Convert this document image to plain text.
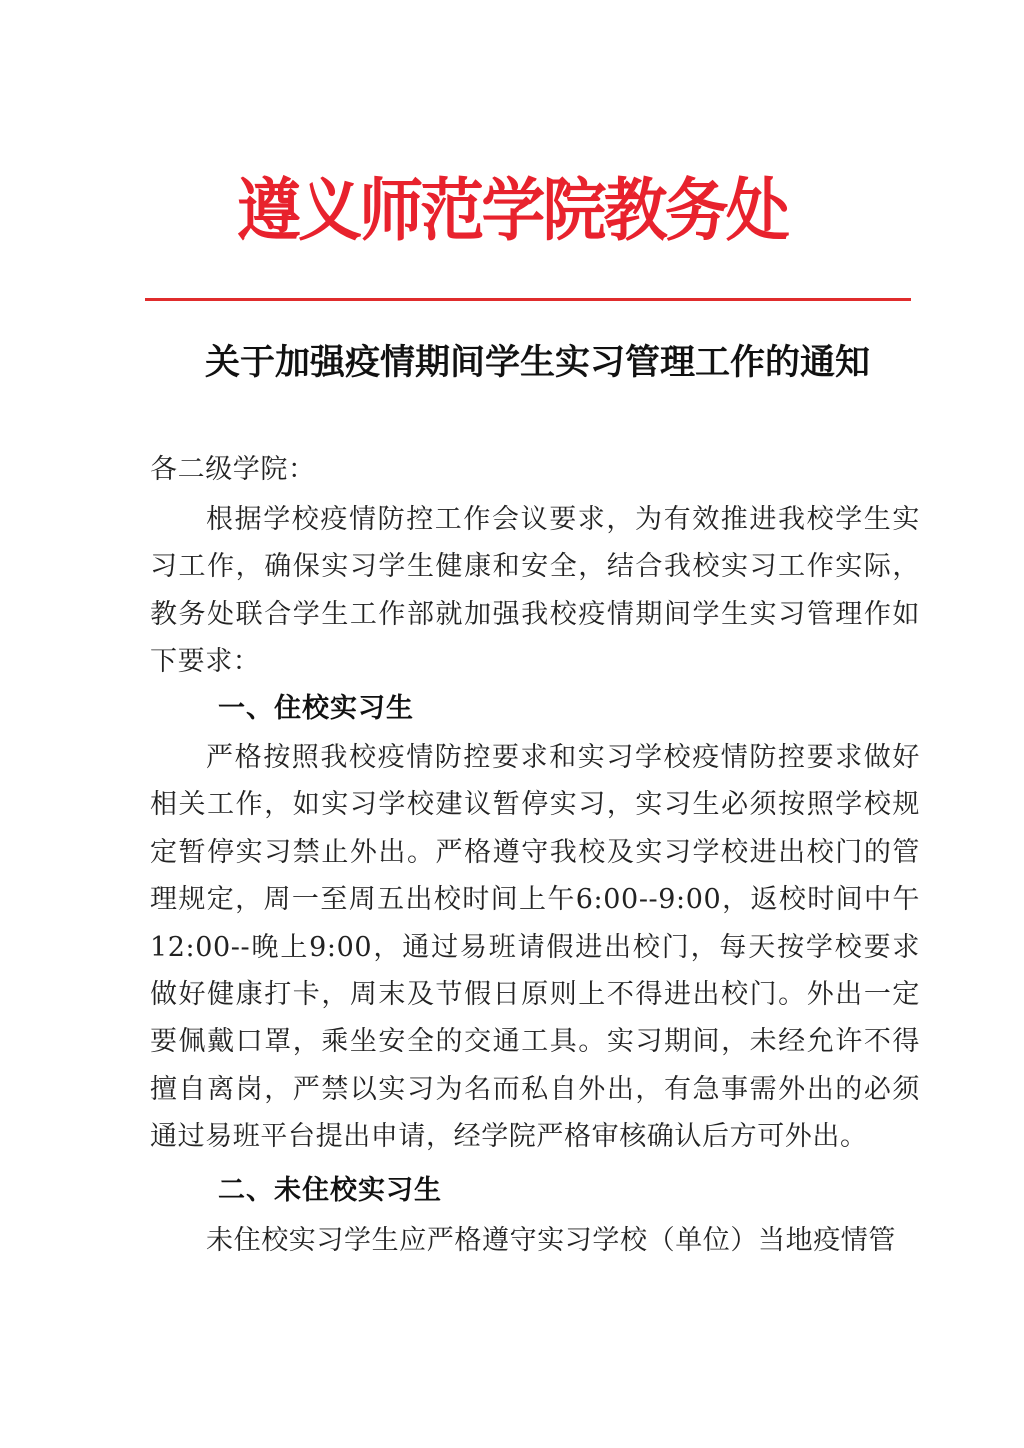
遵义师范学院教务处
关于加强疫情期间学生实习管理工作的通知
各二级学院：
根据学校疫情防控工作会议要求，为有效推进我校学生实习工作，确保实习学生健康和安全，结合我校实习工作实际，教务处联合学生工作部就加强我校疫情期间学生实习管理作如下要求：
一、住校实习生
严格按照我校疫情防控要求和实习学校疫情防控要求做好相关工作，如实习学校建议暂停实习，实习生必须按照学校规定暂停实习禁止外出。严格遵守我校及实习学校进出校门的管理规定，周一至周五出校时间上午6:00--9:00，返校时间中午12:00--晚上9:00，通过易班请假进出校门，每天按学校要求做好健康打卡，周末及节假日原则上不得进出校门。外出一定要佩戴口罩，乘坐安全的交通工具。实习期间，未经允许不得擅自离岗，严禁以实习为名而私自外出，有急事需外出的必须通过易班平台提出申请，经学院严格审核确认后方可外出。
二、未住校实习生
未住校实习学生应严格遵守实习学校（单位）当地疫情管
